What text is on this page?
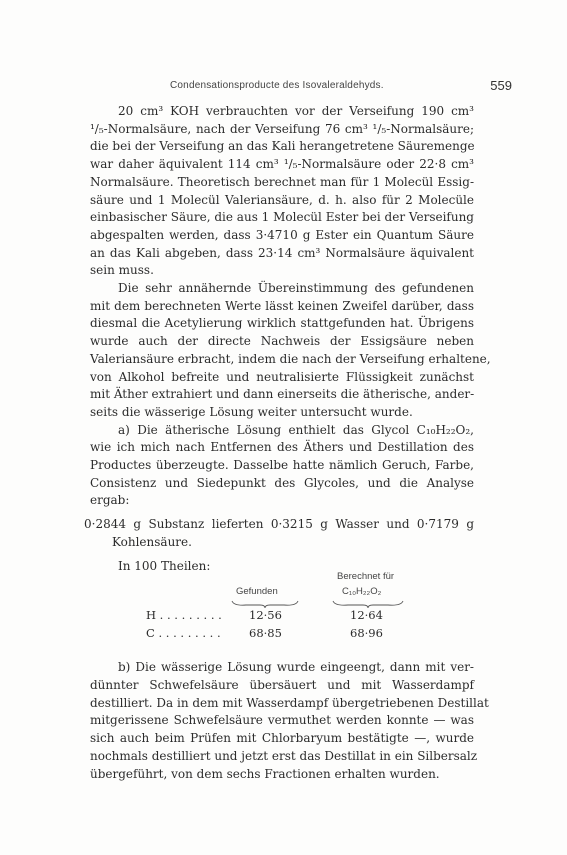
Condensationsproducte des Isovaleraldehyds.	559
20 cm³ KOH verbrauchten vor der Verseifung 190 cm³
¹/₅-Normalsäure, nach der Verseifung 76 cm³ ¹/₅-Normalsäure;
die bei der Verseifung an das Kali herangetretene Säuremenge
war daher äquivalent 114 cm³ ¹/₅-Normalsäure oder 22·8 cm³
Normalsäure. Theoretisch berechnet man für 1 Molecül Essig-
säure und 1 Molecül Valeriansäure, d. h. also für 2 Molecüle
einbasischer Säure, die aus 1 Molecül Ester bei der Verseifung
abgespalten werden, dass 3·4710 g Ester ein Quantum Säure
an das Kali abgeben, dass 23·14 cm³ Normalsäure äquivalent
sein muss.
Die sehr annähernde Übereinstimmung des gefundenen
mit dem berechneten Werte lässt keinen Zweifel darüber, dass
diesmal die Acetylierung wirklich stattgefunden hat. Übrigens
wurde auch der directe Nachweis der Essigsäure neben
Valeriansäure erbracht, indem die nach der Verseifung erhaltene,
von Alkohol befreite und neutralisierte Flüssigkeit zunächst
mit Äther extrahiert und dann einerseits die ätherische, ander-
seits die wässerige Lösung weiter untersucht wurde.
a) Die ätherische Lösung enthielt das Glycol C₁₀H₂₂O₂,
wie ich mich nach Entfernen des Äthers und Destillation des
Productes überzeugte. Dasselbe hatte nämlich Geruch, Farbe,
Consistenz und Siedepunkt des Glycoles, und die Analyse
ergab:
0·2844 g Substanz lieferten 0·3215 g Wasser und 0·7179 g
Kohlensäure.
In 100 Theilen:
Berechnet für
Gefunden	C₁₀H₂₂O₂
H . . . . . . . . . 12·56	12·64
C . . . . . . . . . 68·85	68·96
b) Die wässerige Lösung wurde eingeengt, dann mit ver-
dünnter Schwefelsäure übersäuert und mit Wasserdampf
destilliert. Da in dem mit Wasserdampf übergetriebenen Destillat
mitgerissene Schwefelsäure vermuthet werden konnte — was
sich auch beim Prüfen mit Chlorbaryum bestätigte —, wurde
nochmals destilliert und jetzt erst das Destillat in ein Silbersalz
übergeführt, von dem sechs Fractionen erhalten wurden.
